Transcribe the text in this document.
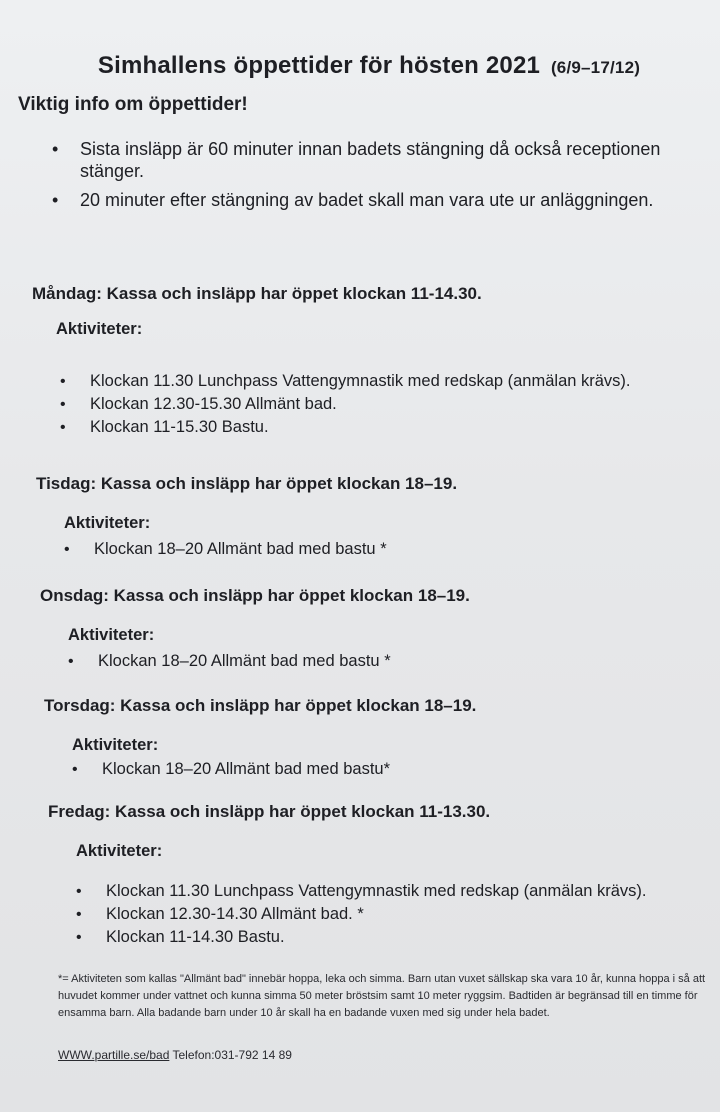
Simhallens öppettider för hösten 2021 (6/9–17/12)
Viktig info om öppettider!
• Sista insläpp är 60 minuter innan badets stängning då också receptionen stänger.
• 20 minuter efter stängning av badet skall man vara ute ur anläggningen.
Måndag: Kassa och insläpp har öppet klockan 11-14.30.
Aktiviteter:
• Klockan 11.30 Lunchpass Vattengymnastik med redskap (anmälan krävs).
• Klockan 12.30-15.30 Allmänt bad.
• Klockan 11-15.30 Bastu.
Tisdag: Kassa och insläpp har öppet klockan 18–19.
Aktiviteter:
• Klockan 18–20 Allmänt bad med bastu *
Onsdag: Kassa och insläpp har öppet klockan 18–19.
Aktiviteter:
• Klockan 18–20 Allmänt bad med bastu *
Torsdag: Kassa och insläpp har öppet klockan 18–19.
Aktiviteter:
• Klockan 18–20 Allmänt bad med bastu*
Fredag: Kassa och insläpp har öppet klockan 11-13.30.
Aktiviteter:
• Klockan 11.30 Lunchpass Vattengymnastik med redskap (anmälan krävs).
• Klockan 12.30-14.30 Allmänt bad. *
• Klockan 11-14.30 Bastu.

*= Aktiviteten som kallas "Allmänt bad" innebär hoppa, leka och simma. Barn utan vuxet sällskap ska vara 10 år, kunna hoppa i så att huvudet kommer under vattnet och kunna simma 50 meter bröstsim samt 10 meter ryggsim. Badtiden är begränsad till en timme för ensamma barn. Alla badande barn under 10 år skall ha en badande vuxen med sig under hela badet.

WWW.partille.se/bad Telefon:031-792 14 89
